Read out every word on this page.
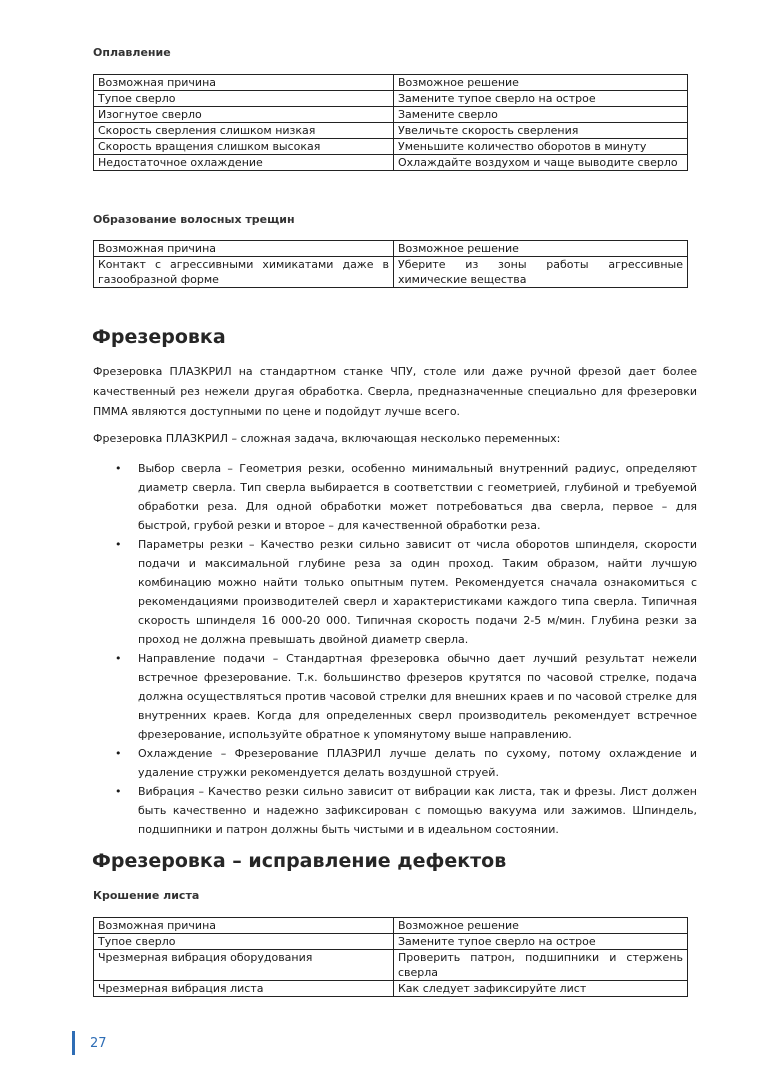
Оплавление
Возможная причина	Возможное решение
Тупое сверло	Замените тупое сверло на острое
Изогнутое сверло	Замените сверло
Скорость сверления слишком низкая	Увеличьте скорость сверления
Скорость вращения слишком высокая	Уменьшите количество оборотов в минуту
Недостаточное охлаждение	Охлаждайте воздухом и чаще выводите сверло
Образование волосных трещин
Возможная причина	Возможное решение
Контакт с агрессивными химикатами даже в газообразной форме	Уберите из зоны работы агрессивные химические вещества
Фрезеровка

Фрезеровка ПЛАЗКРИЛ на стандартном станке ЧПУ, столе или даже ручной фрезой дает более качественный рез нежели другая обработка. Сверла, предназначенные специально для фрезеровки ПММА являются доступными по цене и подойдут лучше всего.

Фрезеровка ПЛАЗКРИЛ – сложная задача, включающая несколько переменных:

• Выбор сверла – Геометрия резки, особенно минимальный внутренний радиус, определяют диаметр сверла. Тип сверла выбирается в соответствии с геометрией, глубиной и требуемой обработки реза. Для одной обработки может потребоваться два сверла, первое – для быстрой, грубой резки и второе – для качественной обработки реза.
• Параметры резки – Качество резки сильно зависит от числа оборотов шпинделя, скорости подачи и максимальной глубине реза за один проход. Таким образом, найти лучшую комбинацию можно найти только опытным путем. Рекомендуется сначала ознакомиться с рекомендациями производителей сверл и характеристиками каждого типа сверла. Типичная скорость шпинделя 16 000-20 000. Типичная скорость подачи 2-5 м/мин. Глубина резки за проход не должна превышать двойной диаметр сверла.
• Направление подачи – Стандартная фрезеровка обычно дает лучший результат нежели встречное фрезерование. Т.к. большинство фрезеров крутятся по часовой стрелке, подача должна осуществляться против часовой стрелки для внешних краев и по часовой стрелке для внутренних краев. Когда для определенных сверл производитель рекомендует встречное фрезерование, используйте обратное к упомянутому выше направлению.
• Охлаждение – Фрезерование ПЛАЗРИЛ лучше делать по сухому, потому охлаждение и удаление стружки рекомендуется делать воздушной струей.
• Вибрация – Качество резки сильно зависит от вибрации как листа, так и фрезы. Лист должен быть качественно и надежно зафиксирован с помощью вакуума или зажимов. Шпиндель, подшипники и патрон должны быть чистыми и в идеальном состоянии.
Фрезеровка – исправление дефектов
Крошение листа
Возможная причина	Возможное решение
Тупое сверло	Замените тупое сверло на острое
Чрезмерная вибрация оборудования	Проверить патрон, подшипники и стержень сверла
Чрезмерная вибрация листа	Как следует зафиксируйте лист
27
